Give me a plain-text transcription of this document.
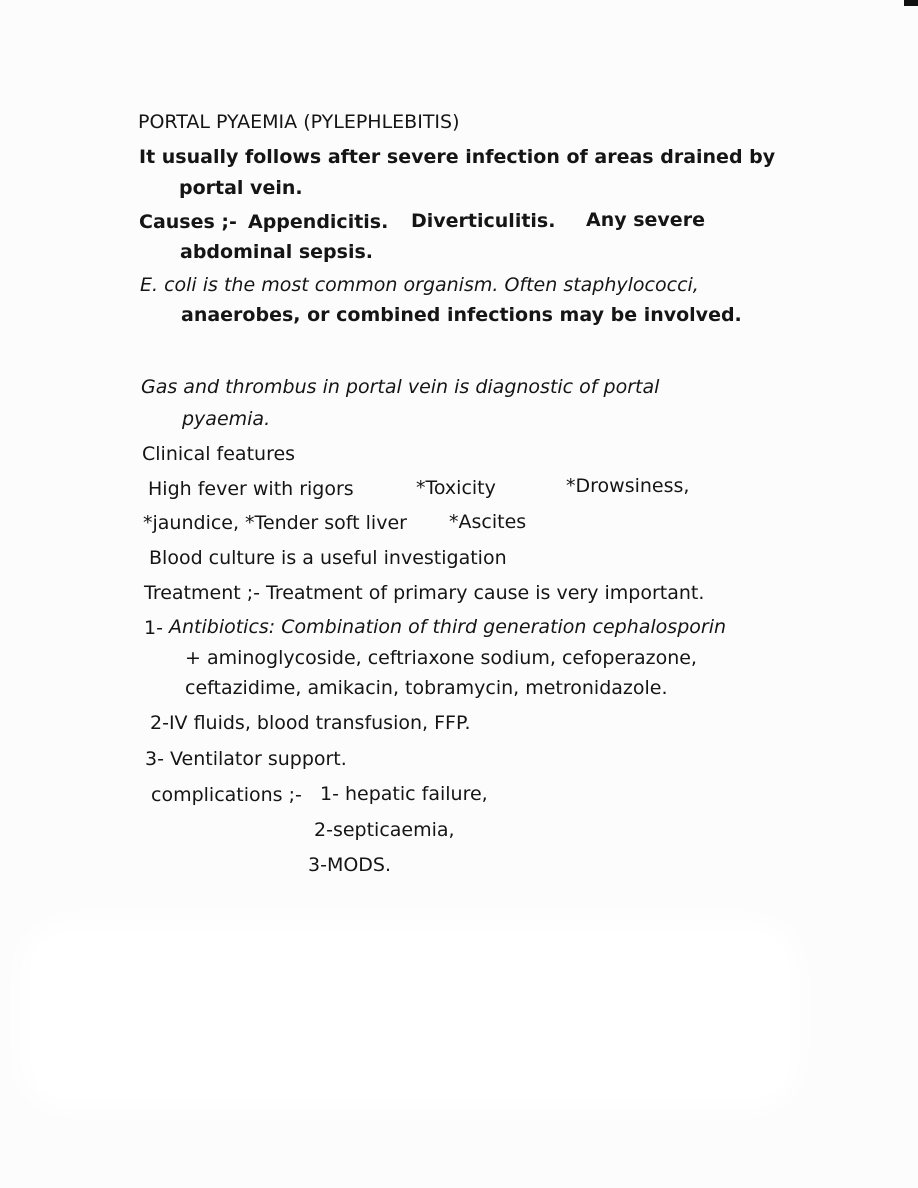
PORTAL PYAEMIA (PYLEPHLEBITIS)
It usually follows after severe infection of areas drained by
portal vein.
Causes ;- Appendicitis. Diverticulitis. Any severe
abdominal sepsis.
E. coli is the most common organism. Often staphylococci,
anaerobes, or combined infections may be involved.
Gas and thrombus in portal vein is diagnostic of portal
pyaemia.
Clinical features
High fever with rigors	*Toxicity	*Drowsiness,
*jaundice, *Tender soft liver *Ascites
Blood culture is a useful investigation
Treatment ;- Treatment of primary cause is very important.
1- Antibiotics: Combination of third generation cephalosporin
+ aminoglycoside, ceftriaxone sodium, cefoperazone,
ceftazidime, amikacin, tobramycin, metronidazole.
2-IV fluids, blood transfusion, FFP.
3- Ventilator support.
complications ;- 1- hepatic failure,
2-septicaemia,
3-MODS.
